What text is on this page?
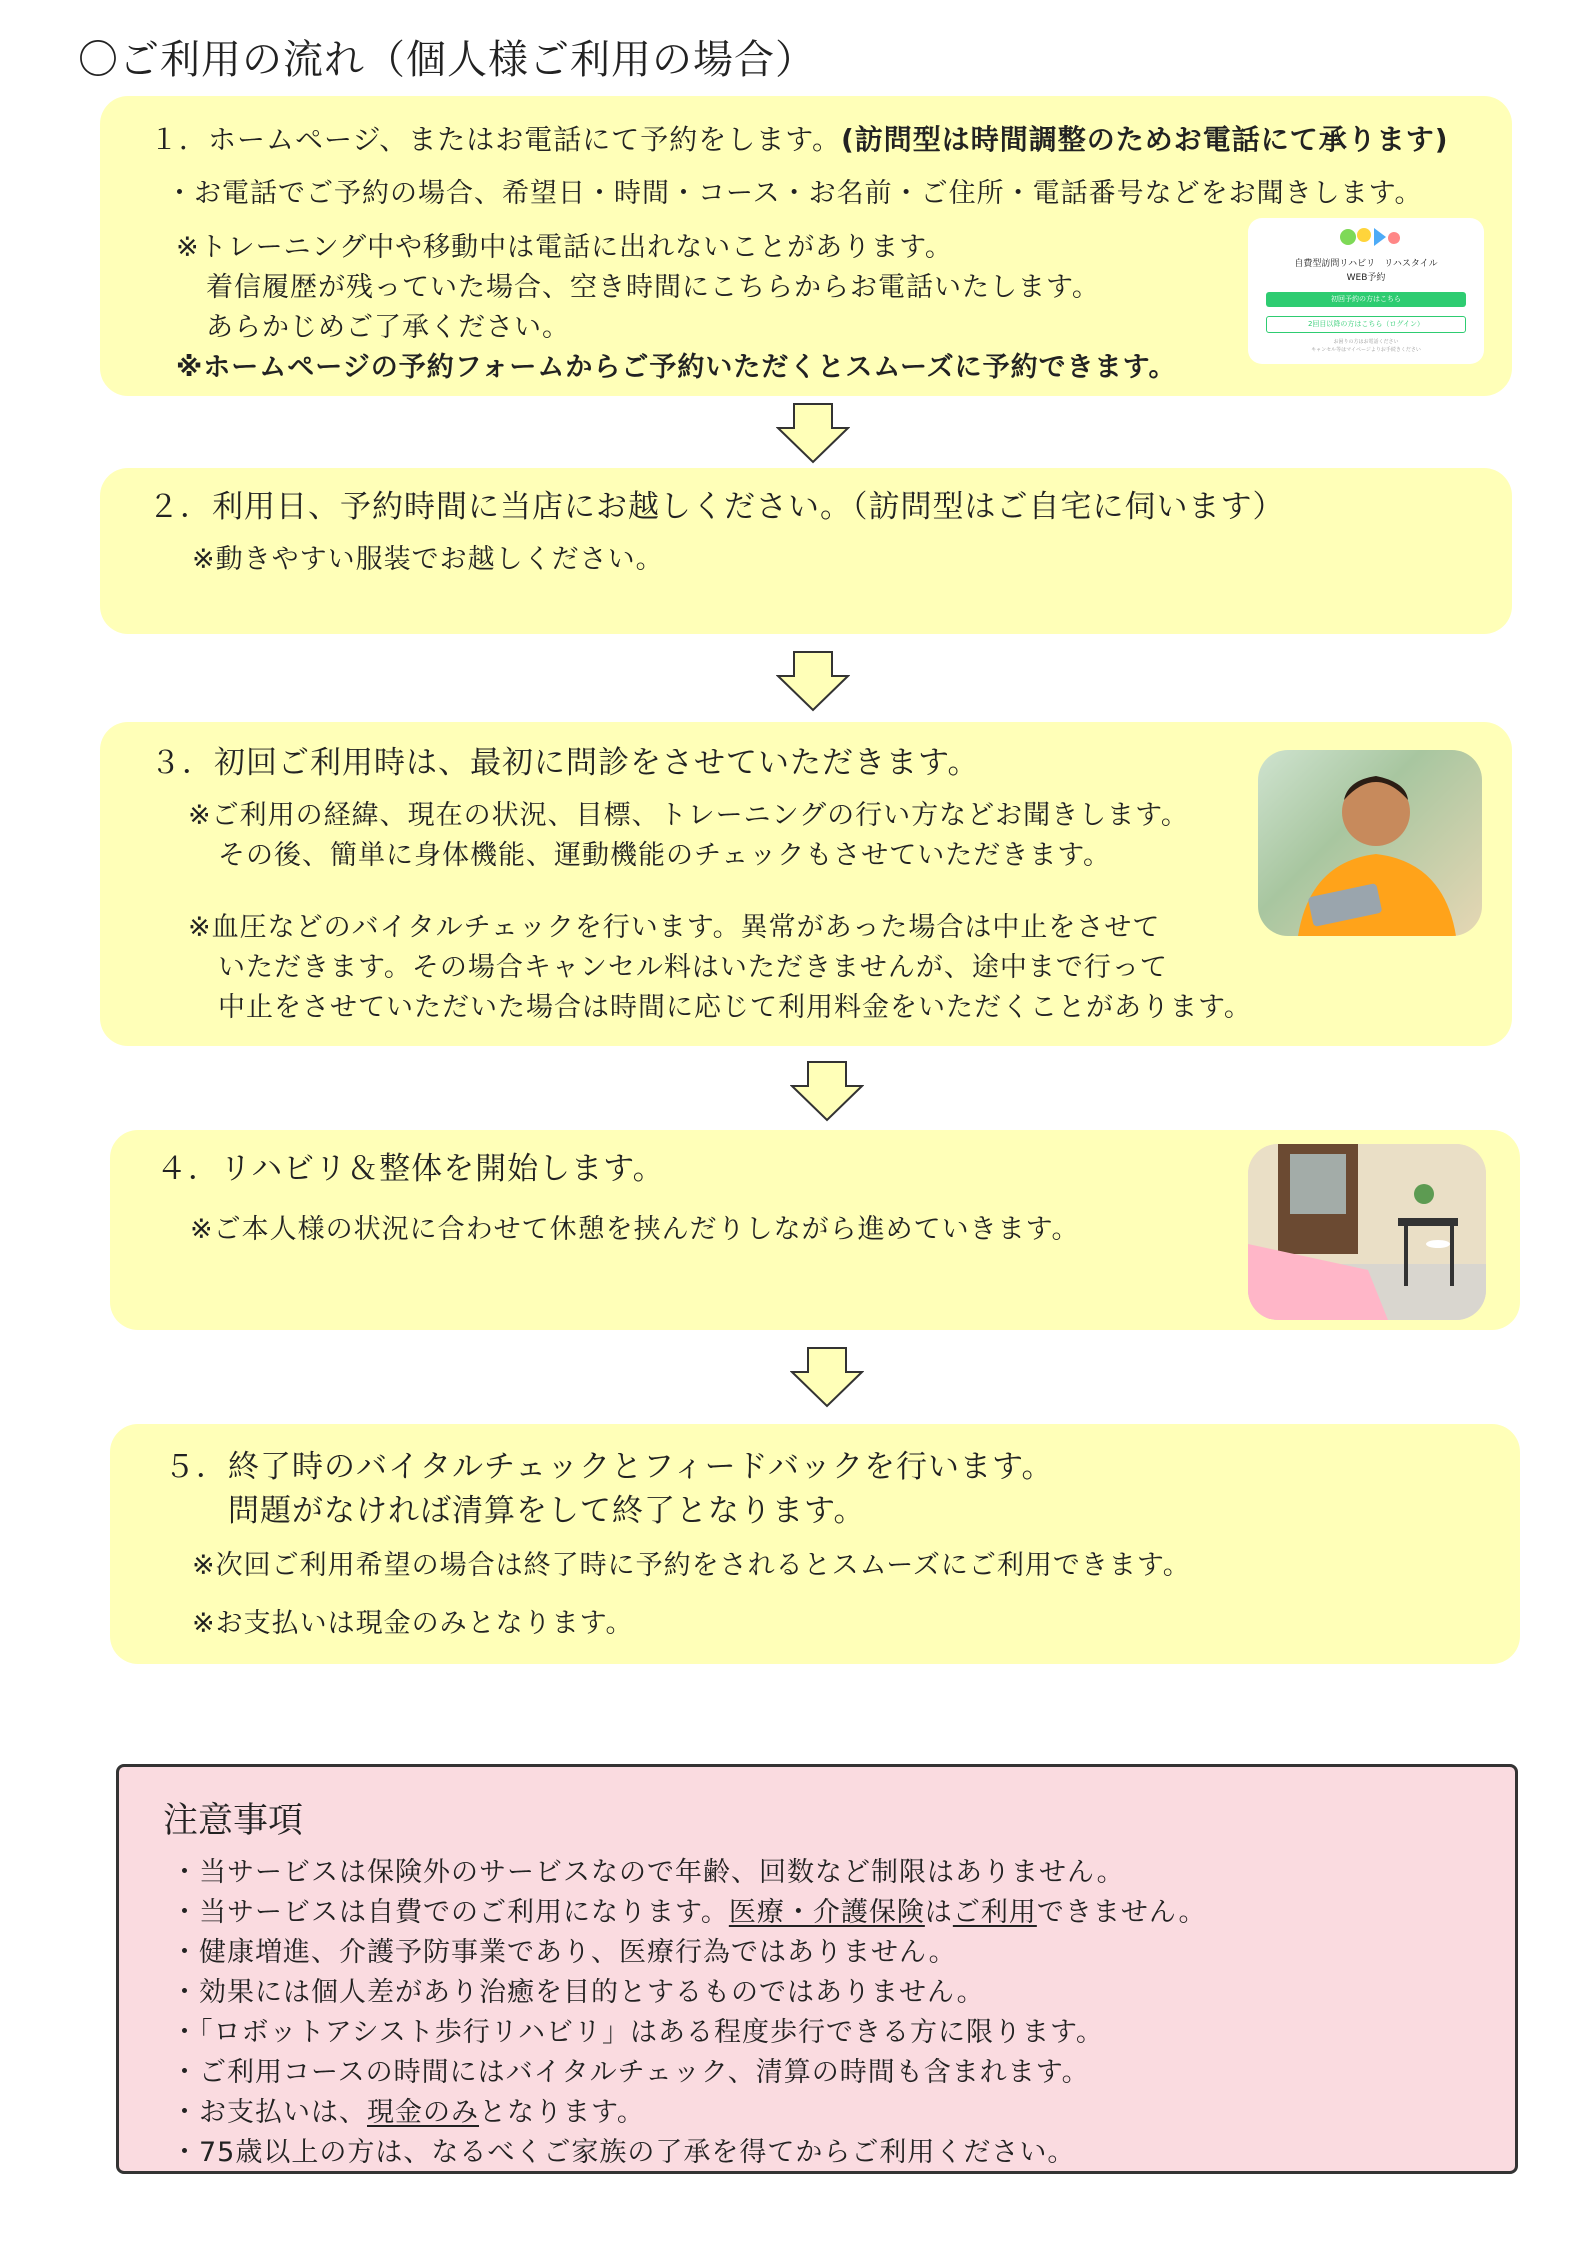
〇ご利用の流れ（個人様ご利用の場合）
１．ホームページ、またはお電話にて予約をします。(訪問型は時間調整のためお電話にて承ります)
・お電話でご予約の場合、希望日・時間・コース・お名前・ご住所・電話番号などをお聞きします。
※トレーニング中や移動中は電話に出れないことがあります。
着信履歴が残っていた場合、空き時間にこちらからお電話いたします。
あらかじめご了承ください。
※ホームページの予約フォームからご予約いただくとスムーズに予約できます。
自費型訪問リハビリ　リハスタイル
WEB予約
初回予約の方はこちら
2回目以降の方はこちら（ログイン）
お困りの方はお電話ください
キャンセル等はマイページよりお手続きください
２．利用日、予約時間に当店にお越しください。（訪問型はご自宅に伺います）
※動きやすい服装でお越しください。
３．初回ご利用時は、最初に問診をさせていただきます。
※ご利用の経緯、現在の状況、目標、トレーニングの行い方などお聞きします。
その後、簡単に身体機能、運動機能のチェックもさせていただきます。
※血圧などのバイタルチェックを行います。異常があった場合は中止をさせて
いただきます。その場合キャンセル料はいただきませんが、途中まで行って
中止をさせていただいた場合は時間に応じて利用料金をいただくことがあります。
４．リハビリ＆整体を開始します。
※ご本人様の状況に合わせて休憩を挟んだりしながら進めていきます。
５．終了時のバイタルチェックとフィードバックを行います。
問題がなければ清算をして終了となります。
※次回ご利用希望の場合は終了時に予約をされるとスムーズにご利用できます。
※お支払いは現金のみとなります。
注意事項
・当サービスは保険外のサービスなので年齢、回数など制限はありません。
・当サービスは自費でのご利用になります。医療・介護保険はご利用できません。
・健康増進、介護予防事業であり、医療行為ではありません。
・効果には個人差があり治癒を目的とするものではありません。
・「ロボットアシスト歩行リハビリ」はある程度歩行できる方に限ります。
・ご利用コースの時間にはバイタルチェック、清算の時間も含まれます。
・お支払いは、現金のみとなります。
・75歳以上の方は、なるべくご家族の了承を得てからご利用ください。
